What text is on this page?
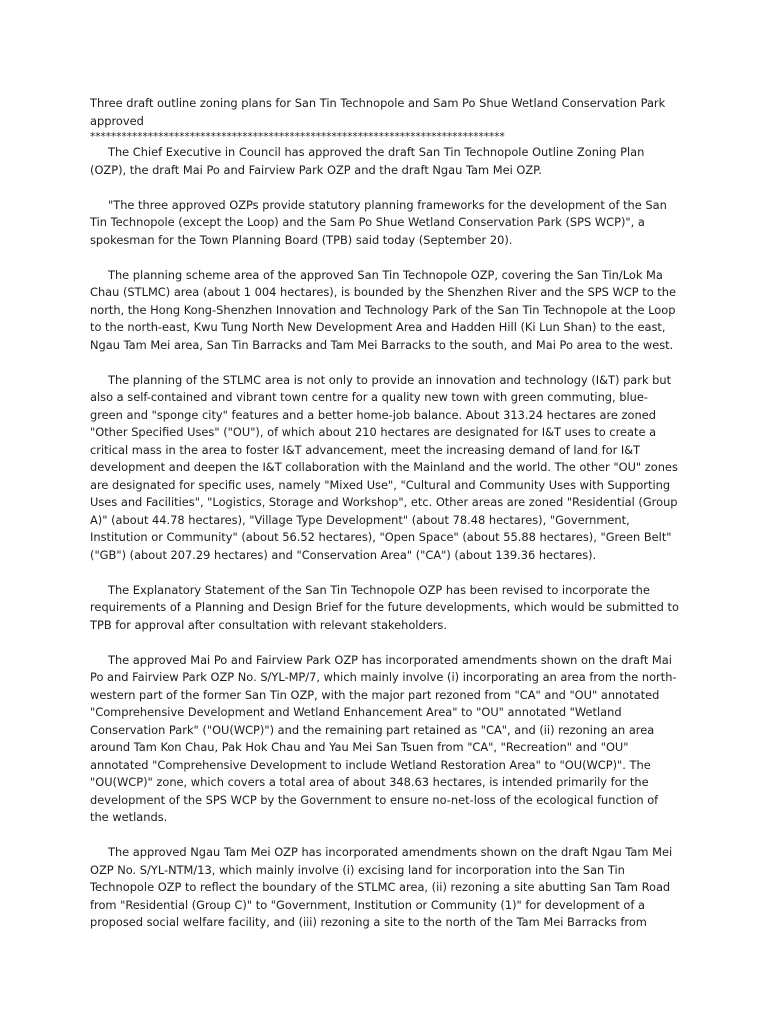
Three draft outline zoning plans for San Tin Technopole and Sam Po Shue Wetland Conservation Park approved
*******************************************************************************

The Chief Executive in Council has approved the draft San Tin Technopole Outline Zoning Plan (OZP), the draft Mai Po and Fairview Park OZP and the draft Ngau Tam Mei OZP.

"The three approved OZPs provide statutory planning frameworks for the development of the San Tin Technopole (except the Loop) and the Sam Po Shue Wetland Conservation Park (SPS WCP)", a spokesman for the Town Planning Board (TPB) said today (September 20).

The planning scheme area of the approved San Tin Technopole OZP, covering the San Tin/Lok Ma Chau (STLMC) area (about 1 004 hectares), is bounded by the Shenzhen River and the SPS WCP to the north, the Hong Kong-Shenzhen Innovation and Technology Park of the San Tin Technopole at the Loop to the north-east, Kwu Tung North New Development Area and Hadden Hill (Ki Lun Shan) to the east, Ngau Tam Mei area, San Tin Barracks and Tam Mei Barracks to the south, and Mai Po area to the west.

The planning of the STLMC area is not only to provide an innovation and technology (I&T) park but also a self-contained and vibrant town centre for a quality new town with green commuting, blue-green and "sponge city" features and a better home-job balance. About 313.24 hectares are zoned "Other Specified Uses" ("OU"), of which about 210 hectares are designated for I&T uses to create a critical mass in the area to foster I&T advancement, meet the increasing demand of land for I&T development and deepen the I&T collaboration with the Mainland and the world. The other "OU" zones are designated for specific uses, namely "Mixed Use", "Cultural and Community Uses with Supporting Uses and Facilities", "Logistics, Storage and Workshop", etc. Other areas are zoned "Residential (Group A)" (about 44.78 hectares), "Village Type Development" (about 78.48 hectares), "Government, Institution or Community" (about 56.52 hectares), "Open Space" (about 55.88 hectares), "Green Belt" ("GB") (about 207.29 hectares) and "Conservation Area" ("CA") (about 139.36 hectares).

The Explanatory Statement of the San Tin Technopole OZP has been revised to incorporate the requirements of a Planning and Design Brief for the future developments, which would be submitted to TPB for approval after consultation with relevant stakeholders.

The approved Mai Po and Fairview Park OZP has incorporated amendments shown on the draft Mai Po and Fairview Park OZP No. S/YL-MP/7, which mainly involve (i) incorporating an area from the north-western part of the former San Tin OZP, with the major part rezoned from "CA" and "OU" annotated "Comprehensive Development and Wetland Enhancement Area" to "OU" annotated "Wetland Conservation Park" ("OU(WCP)") and the remaining part retained as "CA", and (ii) rezoning an area around Tam Kon Chau, Pak Hok Chau and Yau Mei San Tsuen from "CA", "Recreation" and "OU" annotated "Comprehensive Development to include Wetland Restoration Area" to "OU(WCP)". The "OU(WCP)" zone, which covers a total area of about 348.63 hectares, is intended primarily for the development of the SPS WCP by the Government to ensure no-net-loss of the ecological function of the wetlands.

The approved Ngau Tam Mei OZP has incorporated amendments shown on the draft Ngau Tam Mei OZP No. S/YL-NTM/13, which mainly involve (i) excising land for incorporation into the San Tin Technopole OZP to reflect the boundary of the STLMC area, (ii) rezoning a site abutting San Tam Road from "Residential (Group C)" to "Government, Institution or Community (1)" for development of a proposed social welfare facility, and (iii) rezoning a site to the north of the Tam Mei Barracks from
